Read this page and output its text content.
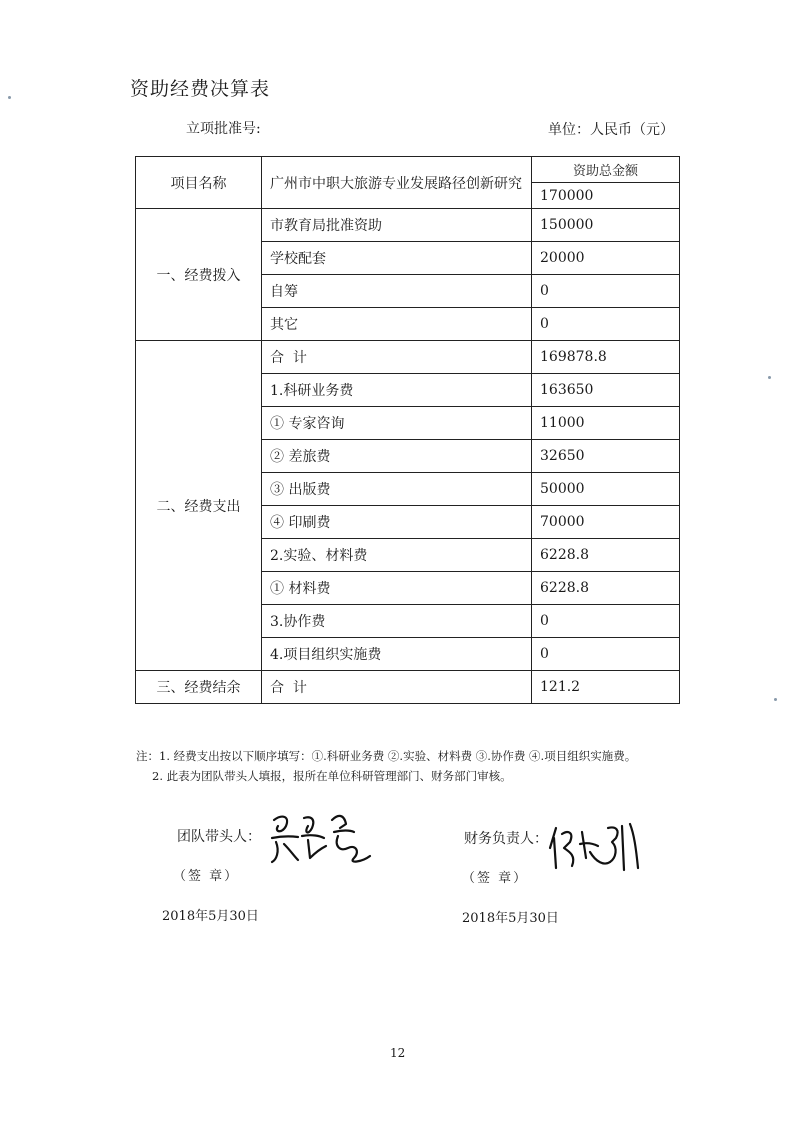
资助经费决算表
立项批准号:	单位：人民币（元）
项目名称	广州市中职大旅游专业发展路径创新研究	资助总金额
		170000
一、经费拨入	市教育局批准资助	150000
	学校配套	20000
	自筹	0
	其它	0
二、经费支出	合  计	169878.8
	1.科研业务费	163650
	① 专家咨询	11000
	② 差旅费	32650
	③ 出版费	50000
	④ 印刷费	70000
	2.实验、材料费	6228.8
	① 材料费	6228.8
	3.协作费	0
	4.项目组织实施费	0
三、经费结余	合  计	121.2
注：1. 经费支出按以下顺序填写：①.科研业务费 ②.实验、材料费 ③.协作费 ④.项目组织实施费。
2. 此表为团队带头人填报，报所在单位科研管理部门、财务部门审核。
团队带头人：
（签 章）
2018年5月30日
财务负责人：
（签 章）
2018年5月30日
12
